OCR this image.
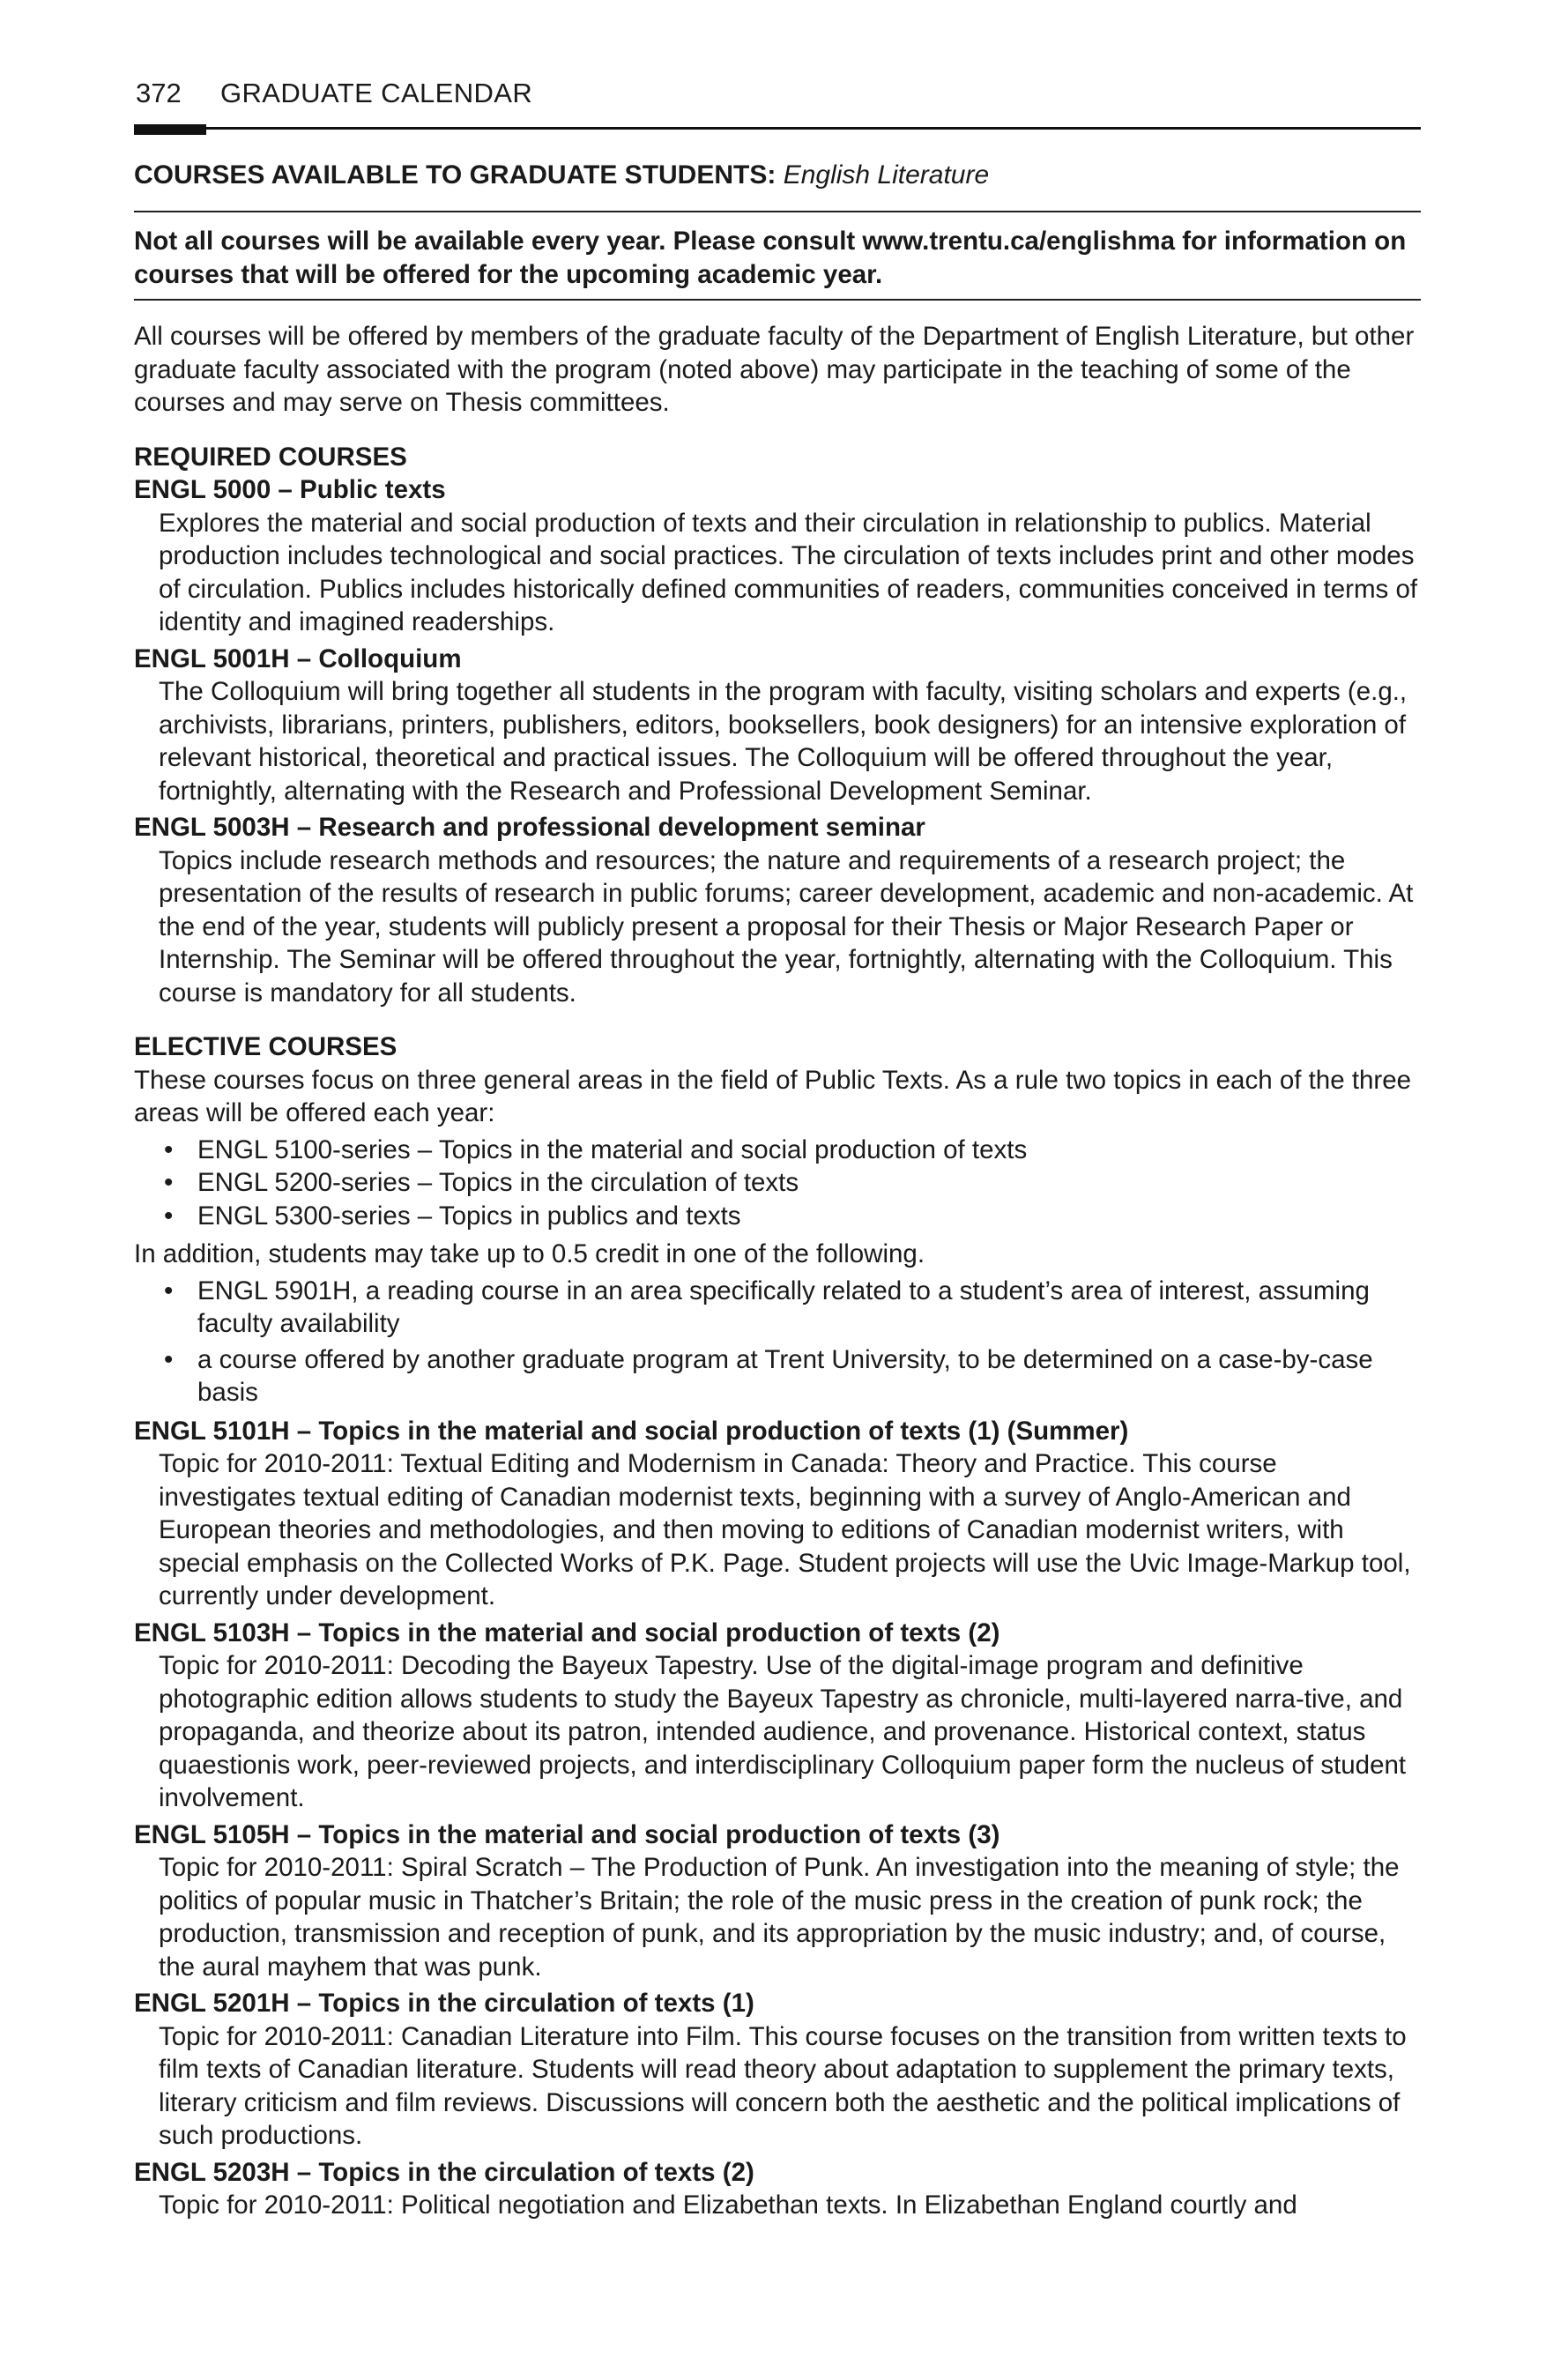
372	GRADUATE CALENDAR
COURSES AVAILABLE TO GRADUATE STUDENTS: English Literature
Not all courses will be available every year. Please consult www.trentu.ca/englishma for information on courses that will be offered for the upcoming academic year.
All courses will be offered by members of the graduate faculty of the Department of English Literature, but other graduate faculty associated with the program (noted above) may participate in the teaching of some of the courses and may serve on Thesis committees.
REQUIRED COURSES
ENGL 5000 – Public texts
Explores the material and social production of texts and their circulation in relationship to publics. Material production includes technological and social practices. The circulation of texts includes print and other modes of circulation. Publics includes historically defined communities of readers, communities conceived in terms of identity and imagined readerships.
ENGL 5001H – Colloquium
The Colloquium will bring together all students in the program with faculty, visiting scholars and experts (e.g., archivists, librarians, printers, publishers, editors, booksellers, book designers) for an intensive exploration of relevant historical, theoretical and practical issues. The Colloquium will be offered throughout the year, fortnightly, alternating with the Research and Professional Development Seminar.
ENGL 5003H – Research and professional development seminar
Topics include research methods and resources; the nature and requirements of a research project; the presentation of the results of research in public forums; career development, academic and non-academic. At the end of the year, students will publicly present a proposal for their Thesis or Major Research Paper or Internship. The Seminar will be offered throughout the year, fortnightly, alternating with the Colloquium. This course is mandatory for all students.
ELECTIVE COURSES
These courses focus on three general areas in the field of Public Texts. As a rule two topics in each of the three areas will be offered each year:
• ENGL 5100-series – Topics in the material and social production of texts
• ENGL 5200-series – Topics in the circulation of texts
• ENGL 5300-series – Topics in publics and texts
In addition, students may take up to 0.5 credit in one of the following.
• ENGL 5901H, a reading course in an area specifically related to a student’s area of interest, assuming faculty availability
• a course offered by another graduate program at Trent University, to be determined on a case-by-case basis
ENGL 5101H – Topics in the material and social production of texts (1) (Summer)
Topic for 2010-2011: Textual Editing and Modernism in Canada: Theory and Practice. This course investigates textual editing of Canadian modernist texts, beginning with a survey of Anglo-American and European theories and methodologies, and then moving to editions of Canadian modernist writers, with special emphasis on the Collected Works of P.K. Page. Student projects will use the Uvic Image-Markup tool, currently under development.
ENGL 5103H – Topics in the material and social production of texts (2)
Topic for 2010-2011: Decoding the Bayeux Tapestry. Use of the digital-image program and definitive photographic edition allows students to study the Bayeux Tapestry as chronicle, multi-layered narra-tive, and propaganda, and theorize about its patron, intended audience, and provenance. Historical context, status quaestionis work, peer-reviewed projects, and interdisciplinary Colloquium paper form the nucleus of student involvement.
ENGL 5105H – Topics in the material and social production of texts (3)
Topic for 2010-2011: Spiral Scratch – The Production of Punk. An investigation into the meaning of style; the politics of popular music in Thatcher’s Britain; the role of the music press in the creation of punk rock; the production, transmission and reception of punk, and its appropriation by the music industry; and, of course, the aural mayhem that was punk.
ENGL 5201H – Topics in the circulation of texts (1)
Topic for 2010-2011: Canadian Literature into Film. This course focuses on the transition from written texts to film texts of Canadian literature. Students will read theory about adaptation to supplement the primary texts, literary criticism and film reviews. Discussions will concern both the aesthetic and the political implications of such productions.
ENGL 5203H – Topics in the circulation of texts (2)
Topic for 2010-2011: Political negotiation and Elizabethan texts. In Elizabethan England courtly and
